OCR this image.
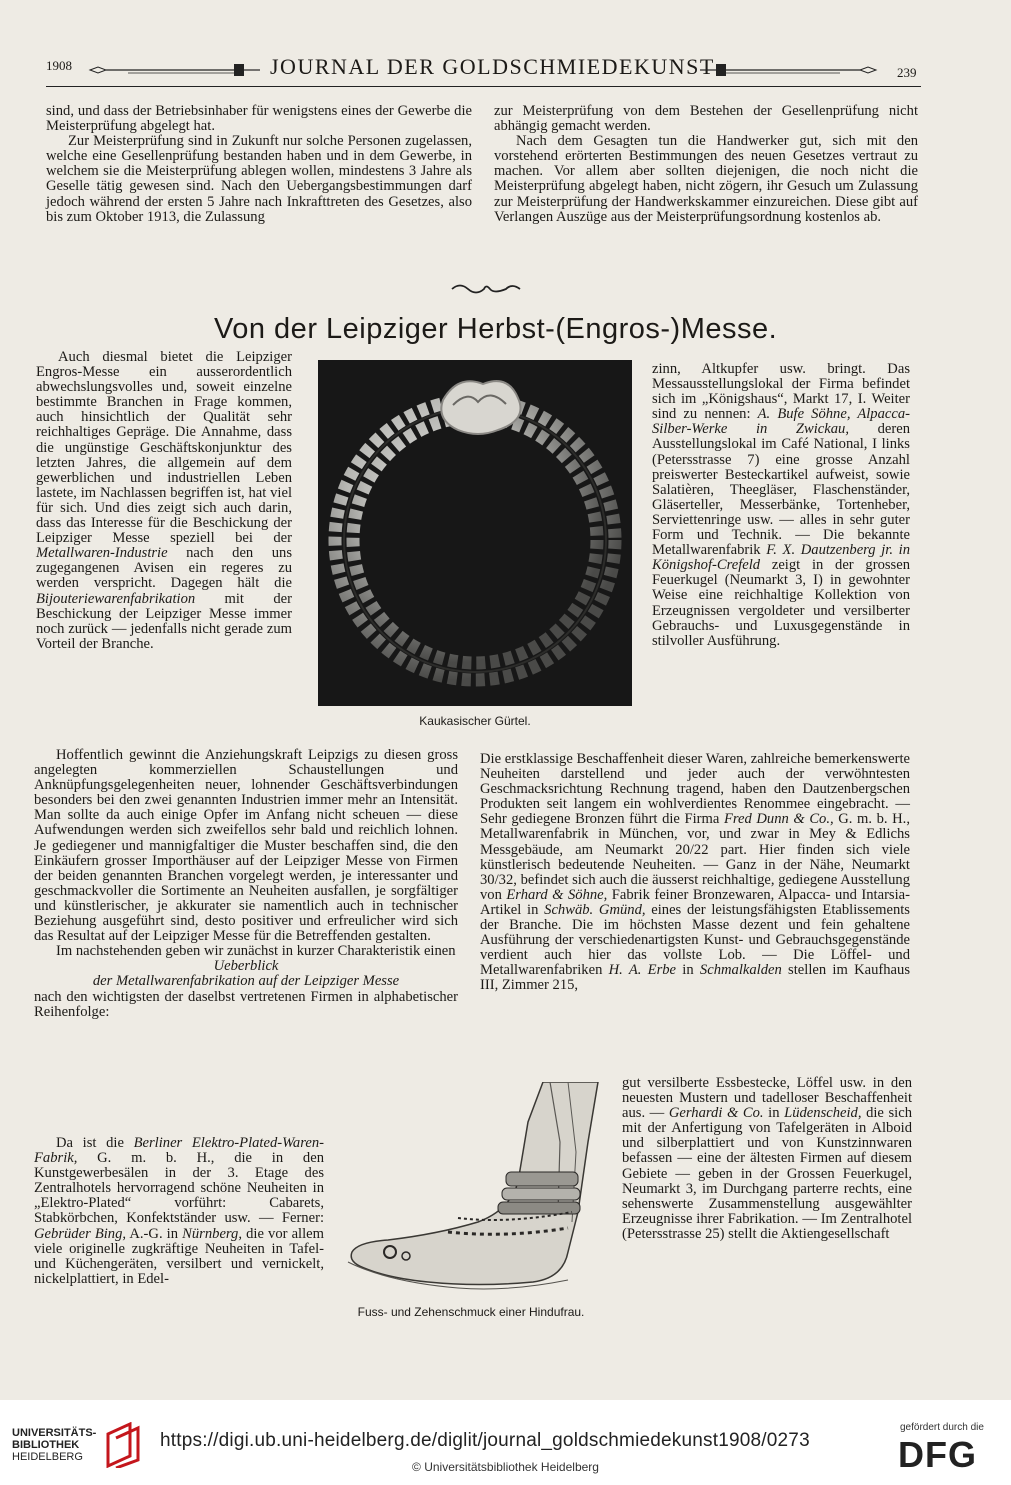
1908	JOURNAL DER GOLDSCHMIEDEKUNST	239

sind, und dass der Betriebsinhaber für wenigstens eines der Gewerbe die Meisterprüfung abgelegt hat.

Zur Meisterprüfung sind in Zukunft nur solche Personen zugelassen, welche eine Gesellenprüfung bestanden haben und in dem Gewerbe, in welchem sie die Meisterprüfung ablegen wollen, mindestens 3 Jahre als Geselle tätig gewesen sind. Nach den Uebergangsbestimmungen darf jedoch während der ersten 5 Jahre nach Inkrafttreten des Gesetzes, also bis zum Oktober 1913, die Zulassung

zur Meisterprüfung von dem Bestehen der Gesellenprüfung nicht abhängig gemacht werden.

Nach dem Gesagten tun die Handwerker gut, sich mit den vorstehend erörterten Bestimmungen des neuen Gesetzes vertraut zu machen. Vor allem aber sollten diejenigen, die noch nicht die Meisterprüfung abgelegt haben, nicht zögern, ihr Gesuch um Zulassung zur Meisterprüfung der Handwerkskammer einzureichen. Diese gibt auf Verlangen Auszüge aus der Meisterprüfungsordnung kostenlos ab.

Von der Leipziger Herbst-(Engros-)Messe.

Auch diesmal bietet die Leipziger Engros-Messe ein ausserordentlich abwechslungsvolles und, soweit einzelne bestimmte Branchen in Frage kommen, auch hinsichtlich der Qualität sehr reichhaltiges Gepräge. Die Annahme, dass die ungünstige Geschäftskonjunktur des letzten Jahres, die allgemein auf dem gewerblichen und industriellen Leben lastete, im Nachlassen begriffen ist, hat viel für sich. Und dies zeigt sich auch darin, dass das Interesse für die Beschickung der Leipziger Messe speziell bei der Metallwaren-Industrie nach den uns zugegangenen Avisen ein regeres zu werden verspricht. Dagegen hält die Bijouteriewarenfabrikation mit der Beschickung der Leipziger Messe immer noch zurück — jedenfalls nicht gerade zum Vorteil der Branche.

Kaukasischer Gürtel.

zinn, Altkupfer usw. bringt. Das Messausstellungslokal der Firma befindet sich im „Königshaus“, Markt 17, I. Weiter sind zu nennen: A. Bufe Söhne, Alpacca-Silber-Werke in Zwickau, deren Ausstellungslokal im Café National, I links (Petersstrasse 7) eine grosse Anzahl preiswerter Besteckartikel aufweist, sowie Salatièren, Theegläser, Flaschenständer, Gläserteller, Messerbänke, Tortenheber, Serviettenringe usw. — alles in sehr guter Form und Technik. — Die bekannte Metallwarenfabrik F. X. Dautzenberg jr. in Königshof-Crefeld zeigt in der grossen Feuerkugel (Neumarkt 3, I) in gewohnter Weise eine reichhaltige Kollektion von Erzeugnissen vergoldeter und versilberter Gebrauchs- und Luxusgegenstände in stilvoller Ausführung.

Hoffentlich gewinnt die Anziehungskraft Leipzigs zu diesen gross angelegten kommerziellen Schaustellungen und Anknüpfungsgelegenheiten neuer, lohnender Geschäftsverbindungen besonders bei den zwei genannten Industrien immer mehr an Intensität. Man sollte da auch einige Opfer im Anfang nicht scheuen — diese Aufwendungen werden sich zweifellos sehr bald und reichlich lohnen. Je gediegener und mannigfaltiger die Muster beschaffen sind, die den Einkäufern grosser Importhäuser auf der Leipziger Messe von Firmen der beiden genannten Branchen vorgelegt werden, je interessanter und geschmackvoller die Sortimente an Neuheiten ausfallen, je sorgfältiger und künstlerischer, je akkurater sie namentlich auch in technischer Beziehung ausgeführt sind, desto positiver und erfreulicher wird sich das Resultat auf der Leipziger Messe für die Betreffenden gestalten.

Im nachstehenden geben wir zunächst in kurzer Charakteristik einen

Ueberblick

der Metallwarenfabrikation auf der Leipziger Messe

nach den wichtigsten der daselbst vertretenen Firmen in alphabetischer Reihenfolge:

Da ist die Berliner Elektro-Plated-Waren-Fabrik, G. m. b. H., die in den Kunstgewerbesälen in der 3. Etage des Zentralhotels hervorragend schöne Neuheiten in „Elektro-Plated“ vorführt: Cabarets, Stabkörbchen, Konfektständer usw. — Ferner: Gebrüder Bing, A.-G. in Nürnberg, die vor allem viele originelle zugkräftige Neuheiten in Tafel- und Küchengeräten, versilbert und vernickelt, nickelplattiert, in Edel-

Die erstklassige Beschaffenheit dieser Waren, zahlreiche bemerkenswerte Neuheiten darstellend und jeder auch der verwöhntesten Geschmacksrichtung Rechnung tragend, haben den Dautzenbergschen Produkten seit langem ein wohlverdientes Renommee eingebracht. — Sehr gediegene Bronzen führt die Firma Fred Dunn & Co., G. m. b. H., Metallwarenfabrik in München, vor, und zwar in Mey & Edlichs Messgebäude, am Neumarkt 20/22 part. Hier finden sich viele künstlerisch bedeutende Neuheiten. — Ganz in der Nähe, Neumarkt 30/32, befindet sich auch die äusserst reichhaltige, gediegene Ausstellung von Erhard & Söhne, Fabrik feiner Bronzewaren, Alpacca- und Intarsia-Artikel in Schwäb. Gmünd, eines der leistungsfähigsten Etablissements der Branche. Die im höchsten Masse dezent und fein gehaltene Ausführung der verschiedenartigsten Kunst- und Gebrauchsgegenstände verdient auch hier das vollste Lob. — Die Löffel- und Metallwarenfabriken H. A. Erbe in Schmalkalden stellen im Kaufhaus III, Zimmer 215,

Fuss- und Zehenschmuck einer Hindufrau.

gut versilberte Essbestecke, Löffel usw. in den neuesten Mustern und tadelloser Beschaffenheit aus. — Gerhardi & Co. in Lüdenscheid, die sich mit der Anfertigung von Tafelgeräten in Alboid und silberplattiert und von Kunstzinnwaren befassen — eine der ältesten Firmen auf diesem Gebiete — geben in der Grossen Feuerkugel, Neumarkt 3, im Durchgang parterre rechts, eine sehenswerte Zusammenstellung ausgewählter Erzeugnisse ihrer Fabrikation. — Im Zentralhotel (Petersstrasse 25) stellt die Aktiengesellschaft

UNIVERSITÄTS-
BIBLIOTHEK
HEIDELBERG
https://digi.ub.uni-heidelberg.de/diglit/journal_goldschmiedekunst1908/0273
© Universitätsbibliothek Heidelberg
gefördert durch die
DFG
